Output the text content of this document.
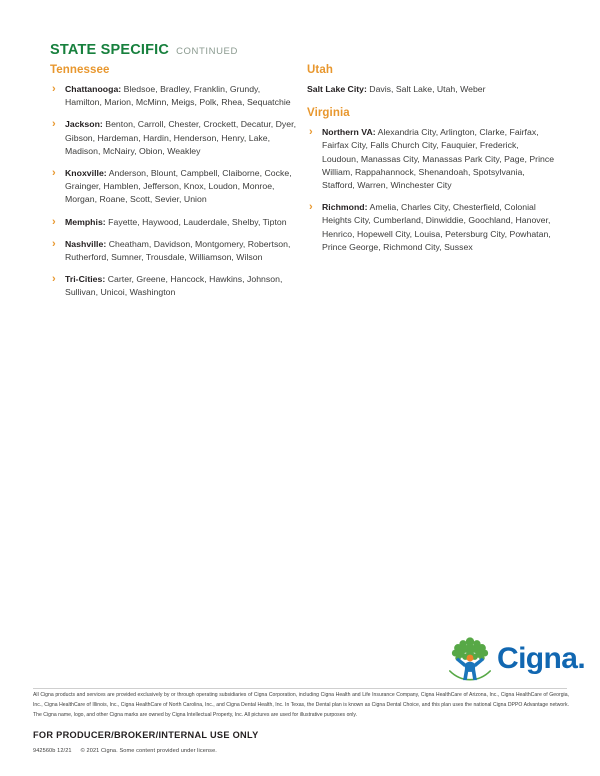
STATE SPECIFIC CONTINUED
Tennessee
›	Chattanooga: Bledsoe, Bradley, Franklin, Grundy, Hamilton, Marion, McMinn, Meigs, Polk, Rhea, Sequatchie
›	Jackson: Benton, Carroll, Chester, Crockett, Decatur, Dyer, Gibson, Hardeman, Hardin, Henderson, Henry, Lake, Madison, McNairy, Obion, Weakley
›	Knoxville: Anderson, Blount, Campbell, Claiborne, Cocke, Grainger, Hamblen, Jefferson, Knox, Loudon, Monroe, Morgan, Roane, Scott, Sevier, Union
›	Memphis: Fayette, Haywood, Lauderdale, Shelby, Tipton
›	Nashville: Cheatham, Davidson, Montgomery, Robertson, Rutherford, Sumner, Trousdale, Williamson, Wilson
›	Tri-Cities: Carter, Greene, Hancock, Hawkins, Johnson, Sullivan, Unicoi, Washington
Utah
Salt Lake City: Davis, Salt Lake, Utah, Weber
Virginia
›	Northern VA: Alexandria City, Arlington, Clarke, Fairfax, Fairfax City, Falls Church City, Fauquier, Frederick, Loudoun, Manassas City, Manassas Park City, Page, Prince William, Rappahannock, Shenandoah, Spotsylvania, Stafford, Warren, Winchester City
›	Richmond: Amelia, Charles City, Chesterfield, Colonial Heights City, Cumberland, Dinwiddie, Goochland, Hanover, Henrico, Hopewell City, Louisa, Petersburg City, Powhatan, Prince George, Richmond City, Sussex
Cigna.
All Cigna products and services are provided exclusively by or through operating subsidiaries of Cigna Corporation, including Cigna Health and Life Insurance Company, Cigna HealthCare of Arizona, Inc., Cigna HealthCare of Georgia, Inc., Cigna HealthCare of Illinois, Inc., Cigna HealthCare of North Carolina, Inc., and Cigna Dental Health, Inc. In Texas, the Dental plan is known as Cigna Dental Choice, and this plan uses the national Cigna DPPO Advantage network. The Cigna name, logo, and other Cigna marks are owned by Cigna Intellectual Property, Inc. All pictures are used for illustrative purposes only.
FOR PRODUCER/BROKER/INTERNAL USE ONLY
942560b 12/21 © 2021 Cigna. Some content provided under license.
